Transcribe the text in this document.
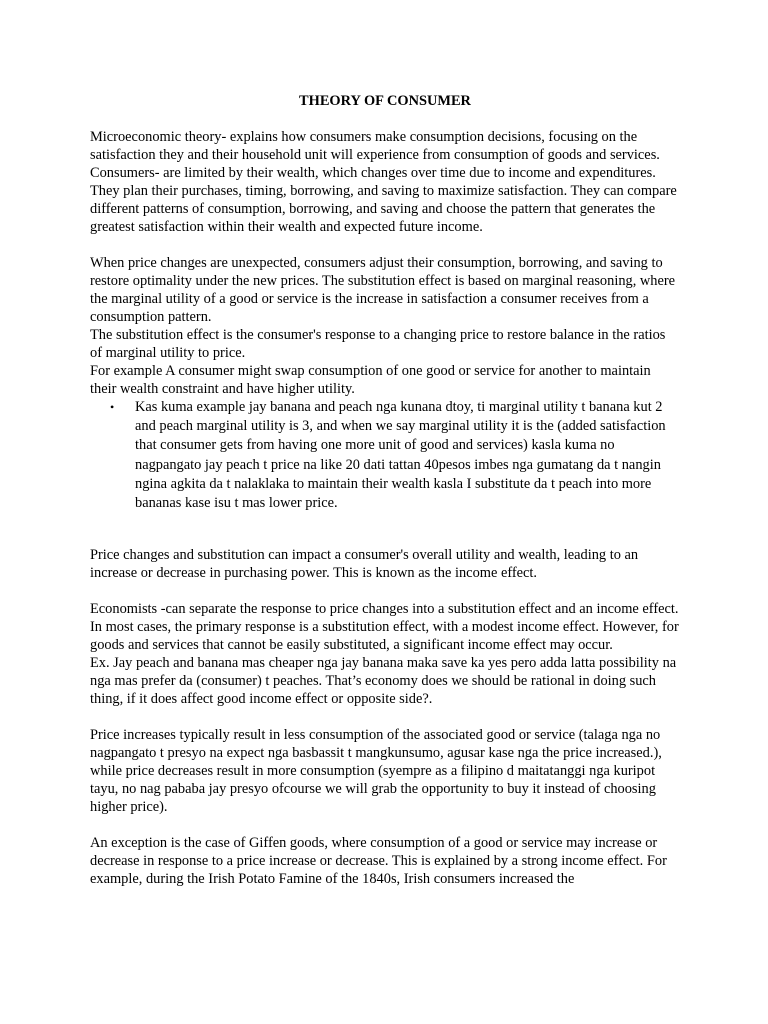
THEORY OF CONSUMER

Microeconomic theory- explains how consumers make consumption decisions, focusing on the satisfaction they and their household unit will experience from consumption of goods and services.

Consumers- are limited by their wealth, which changes over time due to income and expenditures. They plan their purchases, timing, borrowing, and saving to maximize satisfaction. They can compare different patterns of consumption, borrowing, and saving and choose the pattern that generates the greatest satisfaction within their wealth and expected future income.

When price changes are unexpected, consumers adjust their consumption, borrowing, and saving to restore optimality under the new prices. The substitution effect is based on marginal reasoning, where the marginal utility of a good or service is the increase in satisfaction a consumer receives from a consumption pattern.

The substitution effect is the consumer's response to a changing price to restore balance in the ratios of marginal utility to price.

For example A consumer might swap consumption of one good or service for another to maintain their wealth constraint and have higher utility.

• Kas kuma example jay banana and peach nga kunana dtoy, ti marginal utility t banana kut 2 and peach marginal utility is 3, and when we say marginal utility it is the (added satisfaction that consumer gets from having one more unit of good and services) kasla kuma no nagpangato jay peach t price na like 20 dati tattan 40pesos imbes nga gumatang da t nangin ngina agkita da t nalaklaka to maintain their wealth kasla I substitute da t peach into more bananas kase isu t mas lower price.

Price changes and substitution can impact a consumer's overall utility and wealth, leading to an increase or decrease in purchasing power. This is known as the income effect.

Economists -can separate the response to price changes into a substitution effect and an income effect. In most cases, the primary response is a substitution effect, with a modest income effect. However, for goods and services that cannot be easily substituted, a significant income effect may occur.

Ex. Jay peach and banana mas cheaper nga jay banana maka save ka yes pero adda latta possibility na nga mas prefer da (consumer) t peaches. That’s economy does we should be rational in doing such thing, if it does affect good income effect or opposite side?.

Price increases typically result in less consumption of the associated good or service (talaga nga no nagpangato t presyo na expect nga basbassit t mangkunsumo, agusar kase nga the price increased.), while price decreases result in more consumption (syempre as a filipino d maitatanggi nga kuripot tayu, no nag pababa jay presyo ofcourse we will grab the opportunity to buy it instead of choosing higher price).

An exception is the case of Giffen goods, where consumption of a good or service may increase or decrease in response to a price increase or decrease. This is explained by a strong income effect. For example, during the Irish Potato Famine of the 1840s, Irish consumers increased the
